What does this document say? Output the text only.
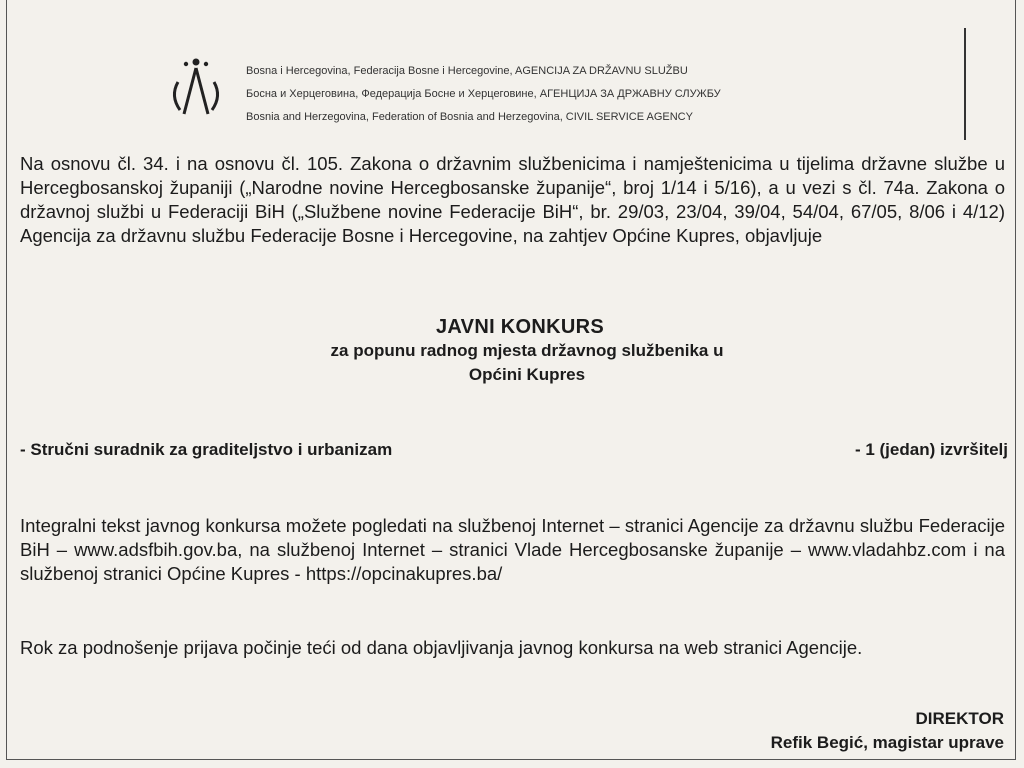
Bosna i Hercegovina, Federacija Bosne i Hercegovine, AGENCIJA ZA DRŽAVNU SLUŽBU
Босна и Херцеговина, Федерација Босне и Херцеговине, АГЕНЦИЈА ЗА ДРЖАВНУ СЛУЖБУ
Bosnia and Herzegovina, Federation of Bosnia and Herzegovina, CIVIL SERVICE AGENCY
Na osnovu čl. 34. i na osnovu čl. 105. Zakona o državnim službenicima i namještenicima u tijelima državne službe u Hercegbosanskoj županiji („Narodne novine Hercegbosanske županije“, broj 1/14 i 5/16), a u vezi s čl. 74a. Zakona o državnoj službi u Federaciji BiH („Službene novine Federacije BiH“, br. 29/03, 23/04, 39/04, 54/04, 67/05, 8/06 i 4/12) Agencija za državnu službu Federacije Bosne i Hercegovine, na zahtjev Općine Kupres, objavljuje
JAVNI KONKURS
za popunu radnog mjesta državnog službenika u
Općini Kupres
- Stručni suradnik za graditeljstvo i urbanizam	- 1 (jedan) izvršitelj
Integralni tekst javnog konkursa možete pogledati na službenoj Internet – stranici Agencije za državnu službu Federacije BiH – www.adsfbih.gov.ba, na službenoj Internet – stranici Vlade Hercegbosanske županije – www.vladahbz.com i na službenoj stranici Općine Kupres - https://opcinakupres.ba/
Rok za podnošenje prijava počinje teći od dana objavljivanja javnog konkursa na web stranici Agencije.
DIREKTOR
Refik Begić, magistar uprave
